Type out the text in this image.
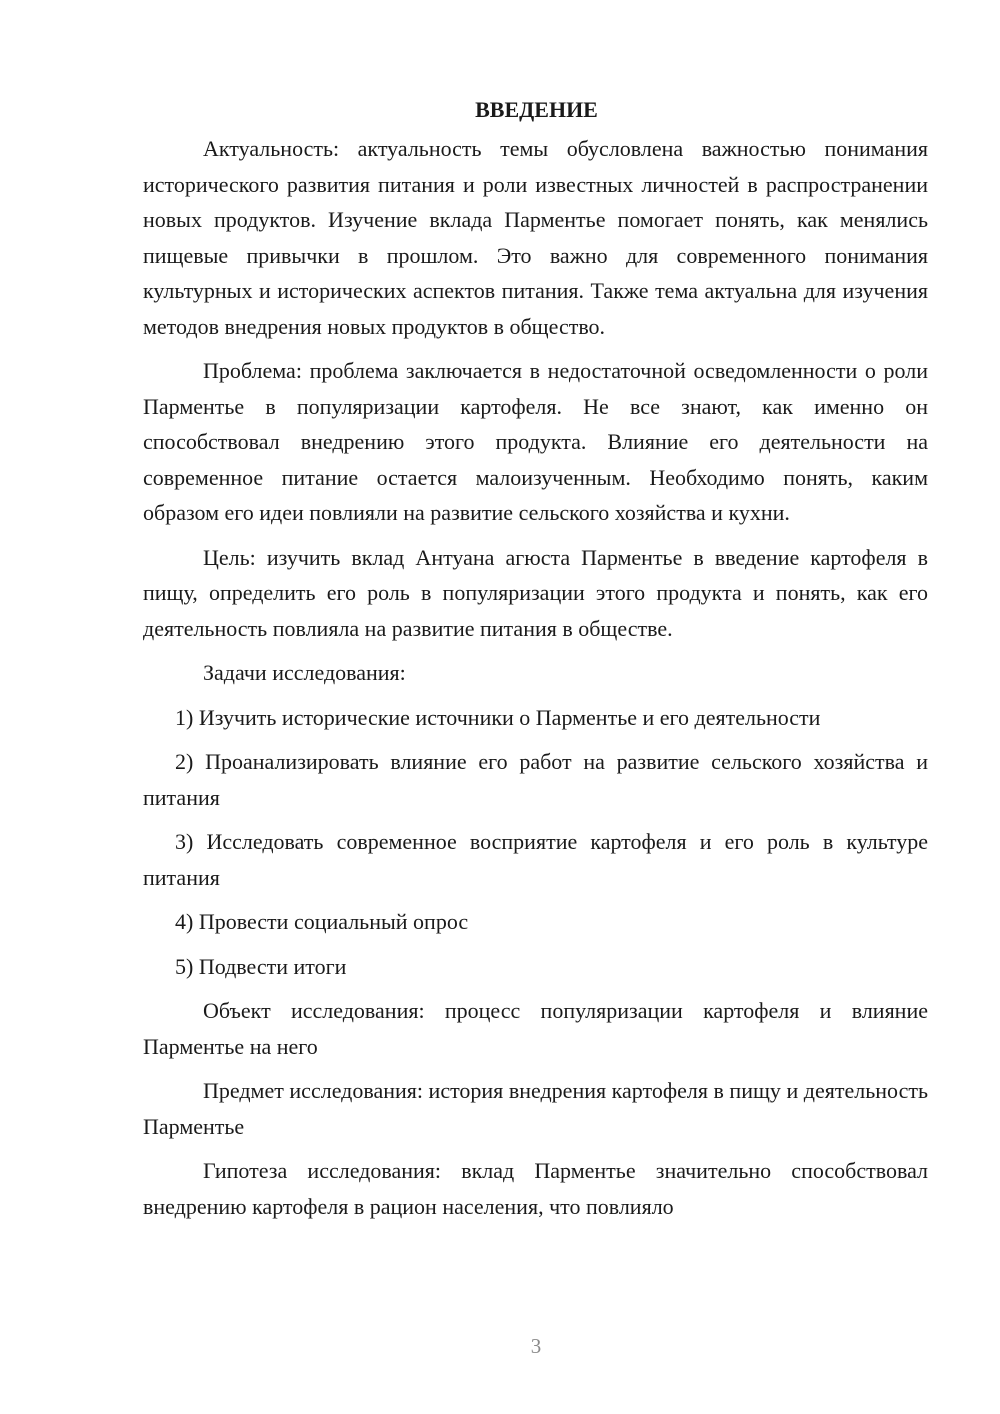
ВВЕДЕНИЕ

Актуальность: актуальность темы обусловлена важностью понимания исторического развития питания и роли известных личностей в распространении новых продуктов. Изучение вклада Парментье помогает понять, как менялись пищевые привычки в прошлом. Это важно для современного понимания культурных и исторических аспектов питания. Также тема актуальна для изучения методов внедрения новых продуктов в общество.

Проблема: проблема заключается в недостаточной осведомленности о роли Парментье в популяризации картофеля. Не все знают, как именно он способствовал внедрению этого продукта. Влияние его деятельности на современное питание остается малоизученным. Необходимо понять, каким образом его идеи повлияли на развитие сельского хозяйства и кухни.

Цель: изучить вклад Антуана агюста Парментье в введение картофеля в пищу, определить его роль в популяризации этого продукта и понять, как его деятельность повлияла на развитие питания в обществе.

Задачи исследования:

1) Изучить исторические источники о Парментье и его деятельности

2) Проанализировать влияние его работ на развитие сельского хозяйства и питания

3) Исследовать современное восприятие картофеля и его роль в культуре питания

4) Провести социальный опрос

5) Подвести итоги

Объект исследования: процесс популяризации картофеля и влияние Парментье на него

Предмет исследования: история внедрения картофеля в пищу и деятельность Парментье

Гипотеза исследования: вклад Парментье значительно способствовал внедрению картофеля в рацион населения, что повлияло

3
